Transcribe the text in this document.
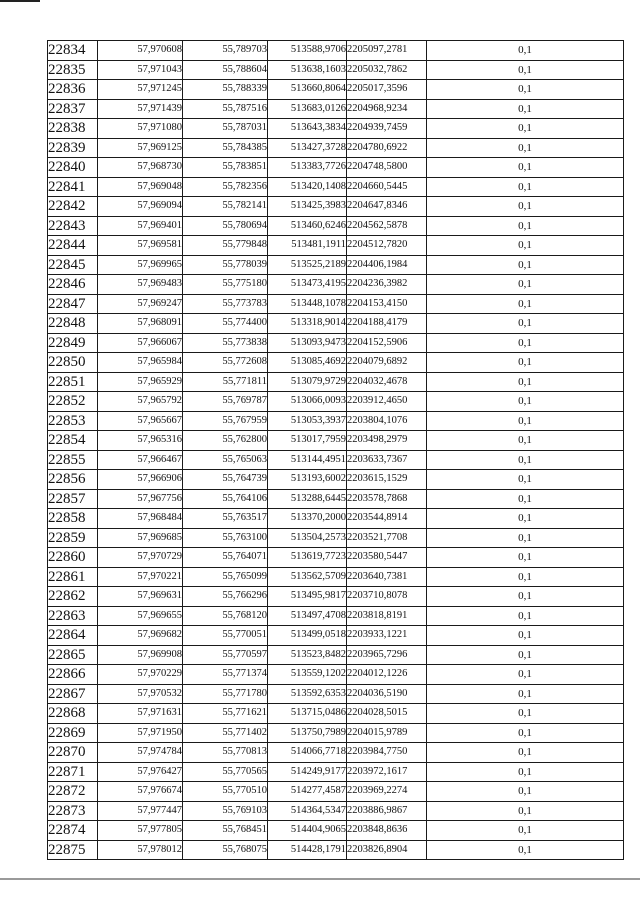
22834	57,970608	55,789703	513588,9706	2205097,2781	0,1
22835	57,971043	55,788604	513638,1603	2205032,7862	0,1
22836	57,971245	55,788339	513660,8064	2205017,3596	0,1
22837	57,971439	55,787516	513683,0126	2204968,9234	0,1
22838	57,971080	55,787031	513643,3834	2204939,7459	0,1
22839	57,969125	55,784385	513427,3728	2204780,6922	0,1
22840	57,968730	55,783851	513383,7726	2204748,5800	0,1
22841	57,969048	55,782356	513420,1408	2204660,5445	0,1
22842	57,969094	55,782141	513425,3983	2204647,8346	0,1
22843	57,969401	55,780694	513460,6246	2204562,5878	0,1
22844	57,969581	55,779848	513481,1911	2204512,7820	0,1
22845	57,969965	55,778039	513525,2189	2204406,1984	0,1
22846	57,969483	55,775180	513473,4195	2204236,3982	0,1
22847	57,969247	55,773783	513448,1078	2204153,4150	0,1
22848	57,968091	55,774400	513318,9014	2204188,4179	0,1
22849	57,966067	55,773838	513093,9473	2204152,5906	0,1
22850	57,965984	55,772608	513085,4692	2204079,6892	0,1
22851	57,965929	55,771811	513079,9729	2204032,4678	0,1
22852	57,965792	55,769787	513066,0093	2203912,4650	0,1
22853	57,965667	55,767959	513053,3937	2203804,1076	0,1
22854	57,965316	55,762800	513017,7959	2203498,2979	0,1
22855	57,966467	55,765063	513144,4951	2203633,7367	0,1
22856	57,966906	55,764739	513193,6002	2203615,1529	0,1
22857	57,967756	55,764106	513288,6445	2203578,7868	0,1
22858	57,968484	55,763517	513370,2000	2203544,8914	0,1
22859	57,969685	55,763100	513504,2573	2203521,7708	0,1
22860	57,970729	55,764071	513619,7723	2203580,5447	0,1
22861	57,970221	55,765099	513562,5709	2203640,7381	0,1
22862	57,969631	55,766296	513495,9817	2203710,8078	0,1
22863	57,969655	55,768120	513497,4708	2203818,8191	0,1
22864	57,969682	55,770051	513499,0518	2203933,1221	0,1
22865	57,969908	55,770597	513523,8482	2203965,7296	0,1
22866	57,970229	55,771374	513559,1202	2204012,1226	0,1
22867	57,970532	55,771780	513592,6353	2204036,5190	0,1
22868	57,971631	55,771621	513715,0486	2204028,5015	0,1
22869	57,971950	55,771402	513750,7989	2204015,9789	0,1
22870	57,974784	55,770813	514066,7718	2203984,7750	0,1
22871	57,976427	55,770565	514249,9177	2203972,1617	0,1
22872	57,976674	55,770510	514277,4587	2203969,2274	0,1
22873	57,977447	55,769103	514364,5347	2203886,9867	0,1
22874	57,977805	55,768451	514404,9065	2203848,8636	0,1
22875	57,978012	55,768075	514428,1791	2203826,8904	0,1
